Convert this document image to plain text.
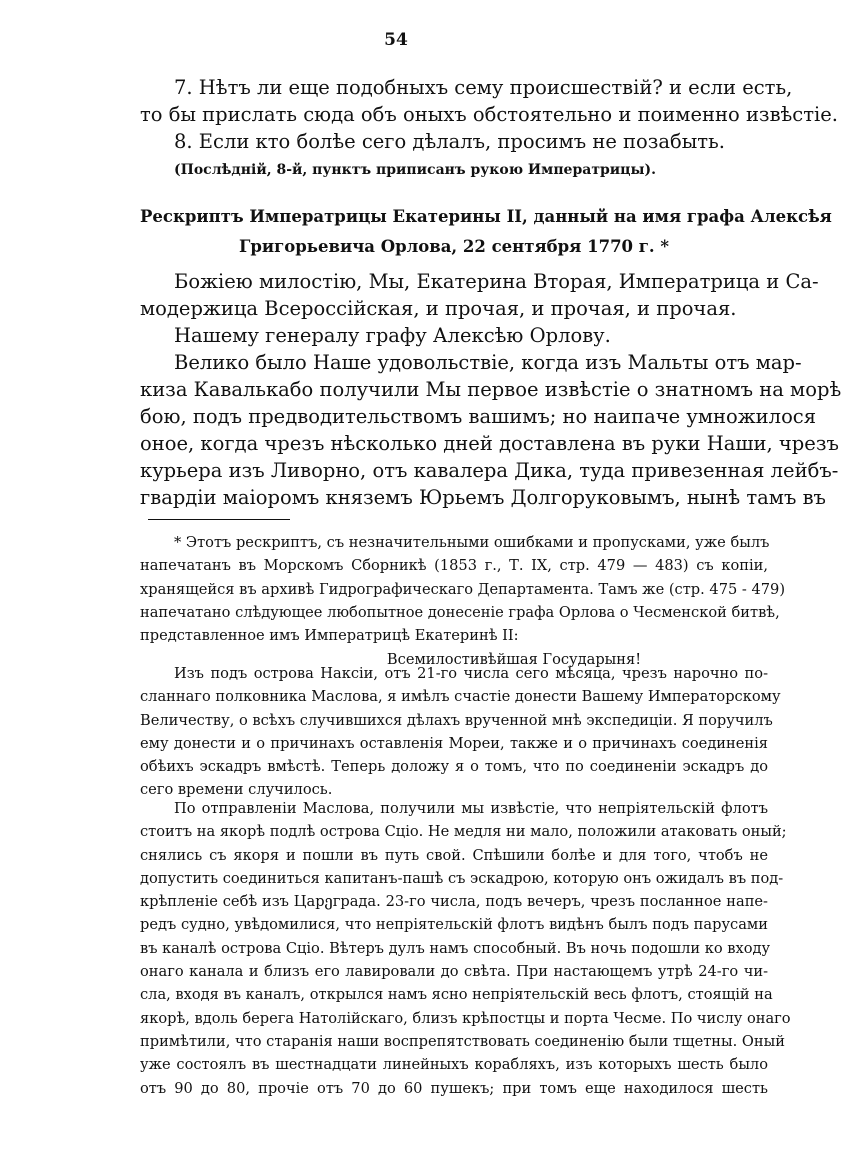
54
7. Нѣтъ ли еще подобныхъ сему происшествій? и если есть,
то бы прислать сюда объ оныхъ обстоятельно и поименно извѣстіе.
8. Если кто болѣе сего дѣлалъ, просимъ не позабыть.
(Послѣдній, 8-й, пунктъ приписанъ рукою Императрицы).
Рескриптъ Императрицы Екатерины II, данный на имя графа Алексѣя
Григорьевича Орлова, 22 сентября 1770 г. *
Божіею милостію, Мы, Екатерина Вторая, Императрица и Са-
модержица Всероссійская, и прочая, и прочая, и прочая.
Нашему генералу графу Алексѣю Орлову.
Велико было Наше удовольствіе, когда изъ Мальты отъ мар-
киза Кавалькабо получили Мы первое извѣстіе о знатномъ на морѣ
бою, подъ предводительствомъ вашимъ; но наипаче умножилося
оное, когда чрезъ нѣсколько дней доставлена въ руки Наши, чрезъ
курьера изъ Ливорно, отъ кавалера Дика, туда привезенная лейбъ-
гвардіи маіоромъ княземъ Юрьемъ Долгоруковымъ, нынѣ тамъ въ
* Этотъ рескриптъ, съ незначительными ошибками и пропусками, уже былъ
напечатанъ въ Морскомъ Сборникѣ (1853 г., Т. IX, стр. 479 — 483) съ копіи,
хранящейся въ архивѣ Гидрографическаго Департамента. Тамъ же (стр. 475 - 479)
напечатано слѣдующее любопытное донесеніе графа Орлова о Чесменской битвѣ,
представленное имъ Императрицѣ Екатеринѣ II:
Всемилостивѣйшая Государыня!
Изъ подъ острова Наксіи, отъ 21-го числа сего мѣсяца, чрезъ нарочно по-
сланнаго полковника Маслова, я имѣлъ счастіе донести Вашему Императорскому
Величеству, о всѣхъ случившихся дѣлахъ врученной мнѣ экспедиціи. Я поручилъ
ему донести и о причинахъ оставленія Мореи, также и о причинахъ соединенія
обѣихъ эскадръ вмѣстѣ. Теперь доложу я о томъ, что по соединеніи эскадръ до
сего времени случилось.
По отправленіи Маслова, получили мы извѣстіе, что непріятельскій флотъ
стоитъ на якорѣ подлѣ острова Сціо. Не медля ни мало, положили атаковать оный;
снялись съ якоря и пошли въ путь свой. Спѣшили болѣе и для того, чтобъ не
допустить соединиться капитанъ-пашѣ съ эскадрою, которую онъ ожидалъ въ под-
крѣпленіе себѣ изъ Царეграда. 23-го числа, подъ вечеръ, чрезъ посланное напе-
редъ судно, увѣдомилися, что непріятельскій флотъ видѣнъ былъ подъ парусами
въ каналѣ острова Сціо. Вѣтеръ дулъ намъ способный. Въ ночь подошли ко входу
онаго канала и близъ его лавировали до свѣта. При настающемъ утрѣ 24-го чи-
сла, входя въ каналъ, открылся намъ ясно непріятельскій весь флотъ, стоящій на
якорѣ, вдоль берега Натолійскаго, близъ крѣпостцы и порта Чесме. По числу онаго
примѣтили, что старанія наши воспрепятствовать соединенію были тщетны. Оный
уже состоялъ въ шестнадцати линейныхъ корабляхъ, изъ которыхъ шесть было
отъ 90 до 80, прочіе отъ 70 до 60 пушекъ; при томъ еще находилося шесть
